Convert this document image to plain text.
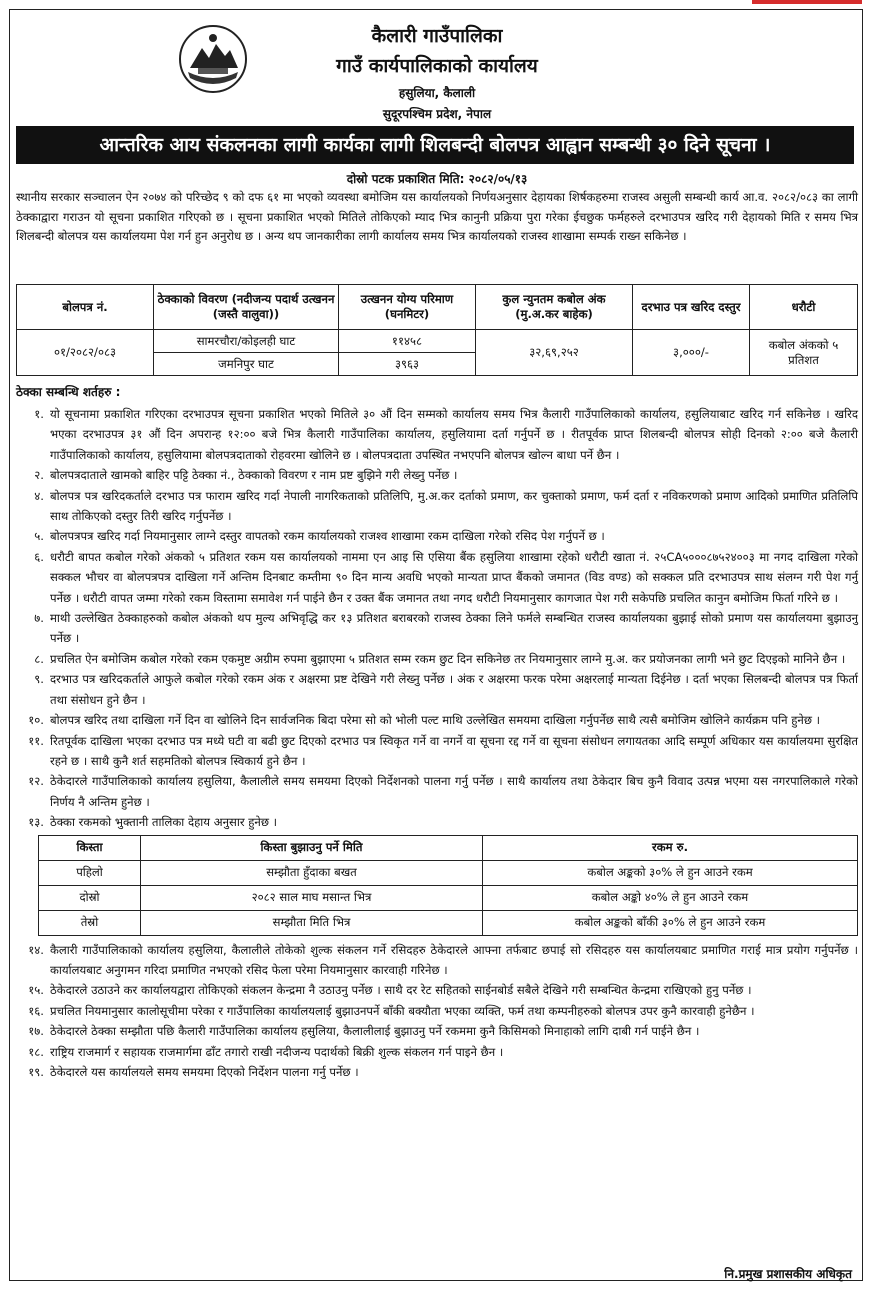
कैलारी गाउँपालिका
गाउँ कार्यपालिकाको कार्यालय
हसुलिया, कैलाली
सुदूरपश्चिम प्रदेश, नेपाल
आन्तरिक आय संकलनका लागी कार्यका लागी शिलबन्दी बोलपत्र आह्वान सम्बन्धी ३० दिने सूचना ।
दोस्रो पटक प्रकाशित मिति: २०८२/०५/१३
स्थानीय सरकार सञ्चालन ऐन २०७४ को परिच्छेद ९ को दफ ६१ मा भएको व्यवस्था बमोजिम यस कार्यालयको निर्णयअनुसार देहायका शिर्षकहरुमा राजस्व असुली सम्बन्धी कार्य आ.व. २०८२/०८३ का लागी ठेक्काद्वारा गराउन यो सूचना प्रकाशित गरिएको छ । सूचना प्रकाशित भएको मितिले तोकिएको म्याद भित्र कानुनी प्रक्रिया पुरा गरेका ईचछुक फर्महरुले दरभाउपत्र खरिद गरी देहायको मिति र समय भित्र शिलबन्दी बोलपत्र यस कार्यालयमा पेश गर्न हुन अनुरोध छ । अन्य थप जानकारीका लागी कार्यालय समय भित्र कार्यालयको राजस्व शाखामा सम्पर्क राख्न सकिनेछ ।
बोलपत्र नं.	ठेक्काको विवरण (नदीजन्य पदार्थ उत्खनन (जस्तै वालुवा))	उत्खनन योग्य परिमाण (घनमिटर)	कुल न्युनतम कबोल अंक (मु.अ.कर बाहेक)	दरभाउ पत्र खरिद दस्तुर	धरौटी
०१/२०८२/०८३	सामरचौरा/कोइलही घाट	११४५८	३२,६९,२५२	३,०००/-	कबोल अंकको ५ प्रतिशत
	जमनिपुर घाट	३९६३			
ठेक्का सम्बन्धि शर्तहरु :
१. यो सूचनामा प्रकाशित गरिएका दरभाउपत्र सूचना प्रकाशित भएको मितिले ३० औं दिन सम्मको कार्यालय समय भित्र कैलारी गाउँपालिकाको कार्यालय, हसुलियाबाट खरिद गर्न सकिनेछ । खरिद भएका दरभाउपत्र ३१ औं दिन अपरान्ह १२:०० बजे भित्र कैलारी गाउँपालिका कार्यालय, हसुलियामा दर्ता गर्नुपर्ने छ । रीतपूर्वक प्राप्त शिलबन्दी बोलपत्र सोही दिनको २:०० बजे कैलारी गाउँपालिकाको कार्यालय, हसुलियामा बोलपत्रदाताको रोहवरमा खोलिने छ । बोलपत्रदाता उपस्थित नभएपनि बोलपत्र खोल्न बाधा पर्ने छैन ।
२. बोलपत्रदाताले खामको बाहिर पट्टि ठेक्का नं., ठेक्काको विवरण र नाम प्रष्ट बुझिने गरी लेख्नु पर्नेछ ।
४. बोलपत्र पत्र खरिदकर्ताले दरभाउ पत्र फाराम खरिद गर्दा नेपाली नागरिकताको प्रतिलिपि, मु.अ.कर दर्ताको प्रमाण, कर चुक्ताको प्रमाण, फर्म दर्ता र नविकरणको प्रमाण आदिको प्रमाणित प्रतिलिपि साथ तोकिएको दस्तुर तिरी खरिद गर्नुपर्नेछ ।
५. बोलपत्रपत्र खरिद गर्दा नियमानुसार लाग्ने दस्तुर वापतको रकम कार्यालयको राजश्व शाखामा रकम दाखिला गरेको रसिद पेश गर्नुपर्ने छ ।
६. धरौटी बापत कबोल गरेको अंकको ५ प्रतिशत रकम यस कार्यालयको नाममा एन आइ सि एसिया बैंक हसुलिया शाखामा रहेको धरौटी खाता नं. २५CA५०००८७५२४००३ मा नगद दाखिला गरेको सक्कल भौचर वा बोलपत्रपत्र दाखिला गर्ने अन्तिम दिनबाट कम्तीमा ९० दिन मान्य अवधि भएको मान्यता प्राप्त बैंकको जमानत (विड वण्ड) को सक्कल प्रति दरभाउपत्र साथ संलग्न गरी पेश गर्नु पर्नेछ । धरौटी वापत जम्मा गरेको रकम विस्तामा समावेश गर्न पाईने छैन र उक्त बैंक जमानत तथा नगद धरौटी नियमानुसार कागजात पेश गरी सकेपछि प्रचलित कानुन बमोजिम फिर्ता गरिने छ ।
७. माथी उल्लेखित ठेक्काहरुको कबोल अंकको थप मुल्य अभिवृद्धि कर १३ प्रतिशत बराबरको राजस्व ठेक्का लिने फर्मले सम्बन्धित राजस्व कार्यालयका बुझाई सोको प्रमाण यस कार्यालयमा बुझाउनु पर्नेछ ।
८. प्रचलित ऐन बमोजिम कबोल गरेको रकम एकमुष्ट अग्रीम रुपमा बुझाएमा ५ प्रतिशत सम्म रकम छुट दिन सकिनेछ तर नियमानुसार लाग्ने मु.अ. कर प्रयोजनका लागी भने छुट दिएइको मानिने छैन ।
९. दरभाउ पत्र खरिदकर्ताले आफुले कबोल गरेको रकम अंक र अक्षरमा प्रष्ट देखिने गरी लेख्नु पर्नेछ । अंक र अक्षरमा फरक परेमा अक्षरलाई मान्यता दिईनेछ । दर्ता भएका सिलबन्दी बोलपत्र पत्र फिर्ता तथा संसोधन हुने छैन ।
१०. बोलपत्र खरिद तथा दाखिला गर्ने दिन वा खोलिने दिन सार्वजनिक बिदा परेमा सो को भोली पल्ट माथि उल्लेखित समयमा दाखिला गर्नुपर्नेछ साथै त्यसै बमोजिम खोलिने कार्यक्रम पनि हुनेछ ।
११. रितपूर्वक दाखिला भएका दरभाउ पत्र मध्ये घटी वा बढी छुट दिएको दरभाउ पत्र स्विकृत गर्ने वा नगर्ने वा सूचना रद्द गर्ने वा सूचना संसोधन लगायतका आदि सम्पूर्ण अधिकार यस कार्यालयमा सुरक्षित रहने छ । साथै कुनै शर्त सहमतिको बोलपत्र स्विकार्य हुने छैन ।
१२. ठेकेदारले गाउँपालिकाको कार्यालय हसुलिया, कैलालीले समय समयमा दिएको निर्देशनको पालना गर्नु पर्नेछ । साथै कार्यालय तथा ठेकेदार बिच कुनै विवाद उत्पन्न भएमा यस नगरपालिकाले गरेको निर्णय नै अन्तिम हुनेछ ।
१३. ठेक्का रकमको भुक्तानी तालिका देहाय अनुसार हुनेछ ।
किस्ता	किस्ता बुझाउनु पर्ने मिति	रकम रु.
पहिलो	सम्झौता हुँदाका बखत	कबोल अङ्कको ३०% ले हुन आउने रकम
दोस्रो	२०८२ साल माघ मसान्त भित्र	कबोल अङ्को ४०% ले हुन आउने रकम
तेस्रो	सम्झौता मिति भित्र	कबोल अङ्कको बाँकी ३०% ले हुन आउने रकम
१४. कैलारी गाउँपालिकाको कार्यालय हसुलिया, कैलालीले तोकेको शुल्क संकलन गर्ने रसिदहरु ठेकेदारले आफ्ना तर्फबाट छपाई सो रसिदहरु यस कार्यालयबाट प्रमाणित गराई मात्र प्रयोग गर्नुपर्नेछ । कार्यालयबाट अनुगमन गरिदा प्रमाणित नभएको रसिद फेला परेमा नियमानुसार कारवाही गरिनेछ ।
१५. ठेकेदारले उठाउने कर कार्यालयद्वारा तोकिएको संकलन केन्द्रमा नै उठाउनु पर्नेछ । साथै दर रेट सहितको साईनबोर्ड सबैले देखिने गरी सम्बन्धित केन्द्रमा राखिएको हुनु पर्नेछ ।
१६. प्रचलित नियमानुसार कालोसूचीमा परेका र गाउँपालिका कार्यालयलाई बुझाउनपर्ने बाँकी बक्यौता भएका व्यक्ति, फर्म तथा कम्पनीहरुको बोलपत्र उपर कुनै कारवाही हुनेछैन ।
१७. ठेकेदारले ठेक्का सम्झौता पछि कैलारी गाउँपालिका कार्यालय हसुलिया, कैलालीलाई बुझाउनु पर्ने रकममा कुनै किसिमको मिनाहाको लागि दाबी गर्न पाईने छैन ।
१८. राष्ट्रिय राजमार्ग र सहायक राजमार्गमा ढाँट तगारो राखी नदीजन्य पदार्थको बिक्री शुल्क संकलन गर्न पाइने छैन ।
१९. ठेकेदारले यस कार्यालयले समय समयमा दिएको निर्देशन पालना गर्नु पर्नेछ ।
नि.प्रमुख प्रशासकीय अधिकृत
